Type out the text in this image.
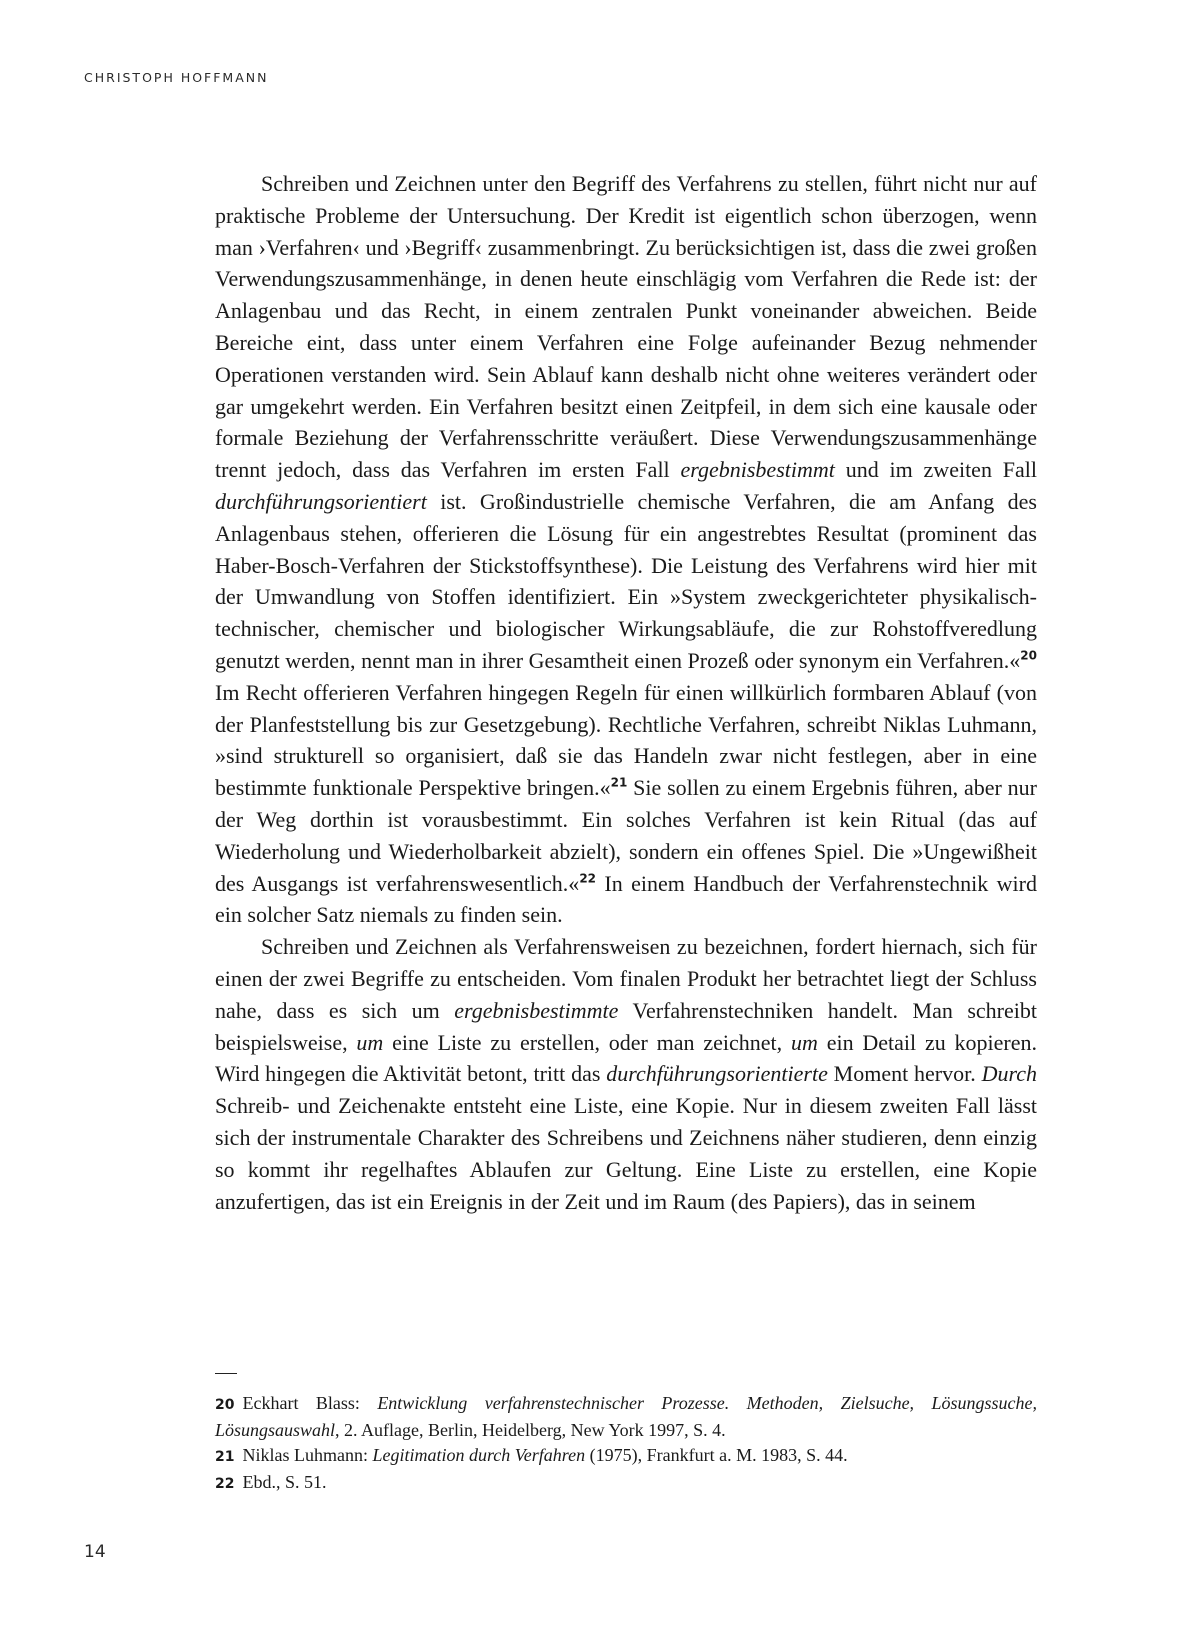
CHRISTOPH HOFFMANN

Schreiben und Zeichnen unter den Begriff des Verfahrens zu stellen, führt nicht nur auf praktische Probleme der Untersuchung. Der Kredit ist eigentlich schon überzogen, wenn man ›Verfahren‹ und ›Begriff‹ zusammenbringt. Zu berücksichtigen ist, dass die zwei großen Verwendungszusammenhänge, in denen heute einschlägig vom Verfahren die Rede ist: der Anlagenbau und das Recht, in einem zentralen Punkt voneinander abweichen. Beide Bereiche eint, dass unter einem Verfahren eine Folge aufeinander Bezug nehmender Operationen verstanden wird. Sein Ablauf kann deshalb nicht ohne weiteres verändert oder gar umgekehrt werden. Ein Verfahren besitzt einen Zeitpfeil, in dem sich eine kausale oder formale Beziehung der Verfahrensschritte veräußert. Diese Verwendungszusammenhänge trennt jedoch, dass das Verfahren im ersten Fall ergebnisbestimmt und im zweiten Fall durchführungsorientiert ist. Großindustrielle chemische Verfahren, die am Anfang des Anlagenbaus stehen, offerieren die Lösung für ein angestrebtes Resultat (prominent das Haber-Bosch-Verfahren der Stickstoffsynthese). Die Leistung des Verfahrens wird hier mit der Umwandlung von Stoffen identifiziert. Ein »System zweckgerichteter physikalisch-technischer, chemischer und biologischer Wirkungsabläufe, die zur Rohstoffveredlung genutzt werden, nennt man in ihrer Gesamtheit einen Prozeß oder synonym ein Verfahren.«$^{20}$ Im Recht offerieren Verfahren hingegen Regeln für einen willkürlich formbaren Ablauf (von der Planfeststellung bis zur Gesetzgebung). Rechtliche Verfahren, schreibt Niklas Luhmann, »sind strukturell so organisiert, daß sie das Handeln zwar nicht festlegen, aber in eine bestimmte funktionale Perspektive bringen.«$^{21}$ Sie sollen zu einem Ergebnis führen, aber nur der Weg dorthin ist vorausbestimmt. Ein solches Verfahren ist kein Ritual (das auf Wiederholung und Wiederholbarkeit abzielt), sondern ein offenes Spiel. Die »Ungewißheit des Ausgangs ist verfahrenswesentlich.«$^{22}$ In einem Handbuch der Verfahrenstechnik wird ein solcher Satz niemals zu finden sein.

Schreiben und Zeichnen als Verfahrensweisen zu bezeichnen, fordert hiernach, sich für einen der zwei Begriffe zu entscheiden. Vom finalen Produkt her betrachtet liegt der Schluss nahe, dass es sich um ergebnisbestimmte Verfahrenstechniken handelt. Man schreibt beispielsweise, um eine Liste zu erstellen, oder man zeichnet, um ein Detail zu kopieren. Wird hingegen die Aktivität betont, tritt das durchführungsorientierte Moment hervor. Durch Schreib- und Zeichenakte entsteht eine Liste, eine Kopie. Nur in diesem zweiten Fall lässt sich der instrumentale Charakter des Schreibens und Zeichnens näher studieren, denn einzig so kommt ihr regelhaftes Ablaufen zur Geltung. Eine Liste zu erstellen, eine Kopie anzufertigen, das ist ein Ereignis in der Zeit und im Raum (des Papiers), das in seinem

20 Eckhart Blass: Entwicklung verfahrenstechnischer Prozesse. Methoden, Zielsuche, Lösungssuche, Lösungsauswahl, 2. Auflage, Berlin, Heidelberg, New York 1997, S. 4.

21 Niklas Luhmann: Legitimation durch Verfahren (1975), Frankfurt a. M. 1983, S. 44.

22 Ebd., S. 51.

14
